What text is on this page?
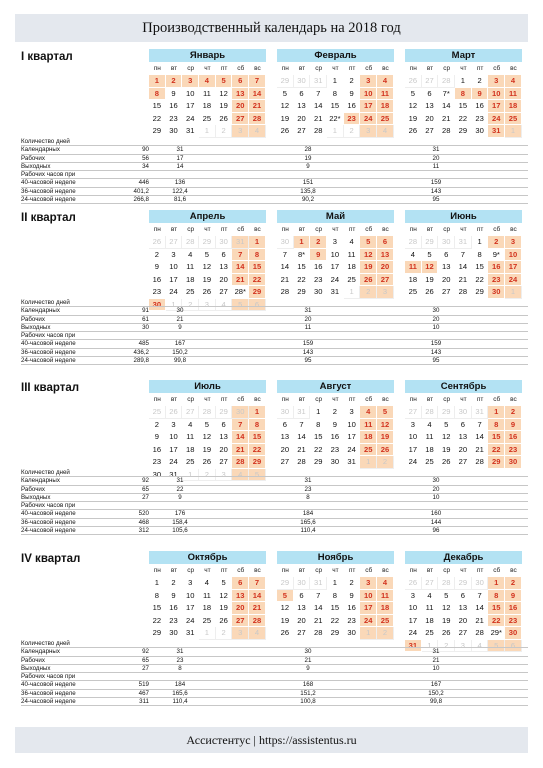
Производственный календарь на 2018 год
I квартал	Январь
пн	вт	ср	чт	пт	сб	вс
1	2	3	4	5	6	7
8	9	10	11	12	13	14
15	16	17	18	19	20	21
22	23	24	25	26	27	28
29	30	31	1	2	3	4
Февраль
пн	вт	ср	чт	пт	сб	вс
29	30	31	1	2	3	4
5	6	7	8	9	10	11
12	13	14	15	16	17	18
19	20	21 22* 23	24	25
26	27	28	1	2	3	4
Март
пн	вт	ср	чт	пт	сб	вс
26	27	28	1	2	3	4
5	6	7*	8	9	10	11
12	13	14	15	16	17	18
19	20	21	22	23	24	25
26	27	28	29	30	31	1
Количество дней
Календарных	90	31	28	31
Рабочих	56	17	19	20
Выходных	34	14	9	11
Рабочих часов при
40-часовой неделе	446	136	151	159
36-часовой неделе	401,2	122,4	135,8	143
24-часовой неделе	266,8	81,6	90,2	95
II квартал	Апрель
пн	вт	ср	чт	пт	сб	вс
26	27	28	29	30	31	1
2	3	4	5	6	7	8
9	10	11	12	13	14	15
16	17	18	19	20	21	22
23	24	25	26	27 28* 29
30	1	2	3	4	5	6
Май
пн	вт	ср	чт	пт	сб	вс
30	1	2	3	4	5	6
7	8*	9	10	11	12	13
14	15	16	17	18	19	20
21	22	23	24	25	26	27
28	29	30	31	1	2	3
Июнь
пн	вт	ср	чт	пт	сб	вс
28	29	30	31	1	2	3
4	5	6	7	8	9*	10
11	12	13	14	15	16	17
18	19	20	21	22	23	24
25	26	27	28	29	30	1
Количество дней
Календарных	91	30	31	30
Рабочих	61	21	20	20
Выходных	30	9	11	10
Рабочих часов при
40-часовой неделе	485	167	159	159
36-часовой неделе	436,2	150,2	143	143
24-часовой неделе	289,8	99,8	95	95
III квартал	Июль
пн	вт	ср	чт	пт	сб	вс
25	26	27	28	29	30	1
2	3	4	5	6	7	8
9	10	11	12	13	14	15
16	17	18	19	20	21	22
23	24	25	26	27	28	29
30	31	1	2	3	4	5
Август
пн	вт	ср	чт	пт	сб	вс
30	31	1	2	3	4	5
6	7	8	9	10	11	12
13	14	15	16	17	18	19
20	21	22	23	24	25	26
27	28	29	30	31	1	2
Сентябрь
пн	вт	ср	чт	пт	сб	вс
27	28	29	30	31	1	2
3	4	5	6	7	8	9
10	11	12	13	14	15	16
17	18	19	20	21	22	23
24	25	26	27	28	29	30
Количество дней
Календарных	92	31	31	30
Рабочих	65	22	23	20
Выходных	27	9	8	10
Рабочих часов при
40-часовой неделе	520	176	184	160
36-часовой неделе	468	158,4	165,6	144
24-часовой неделе	312	105,6	110,4	96
IV квартал	Октябрь
пн	вт	ср	чт	пт	сб	вс
1	2	3	4	5	6	7
8	9	10	11	12	13	14
15	16	17	18	19	20	21
22	23	24	25	26	27	28
29	30	31	1	2	3	4
Ноябрь
пн	вт	ср	чт	пт	сб	вс
29	30	31	1	2	3	4
5	6	7	8	9	10	11
12	13	14	15	16	17	18
19	20	21	22	23	24	25
26	27	28	29	30	1	2
Декабрь
пн	вт	ср	чт	пт	сб	вс
26	27	28	29	30	1	2
3	4	5	6	7	8	9
10	11	12	13	14	15	16
17	18	19	20	21	22	23
24	25	26	27	28 29* 30
31	1	2	3	4	5	6
Количество дней
Календарных	92	31	30	31
Рабочих	65	23	21	21
Выходных	27	8	9	10
Рабочих часов при
40-часовой неделе	519	184	168	167
36-часовой неделе	467	165,6	151,2	150,2
24-часовой неделе	311	110,4	100,8	99,8
Ассистентус | https://assistentus.ru
